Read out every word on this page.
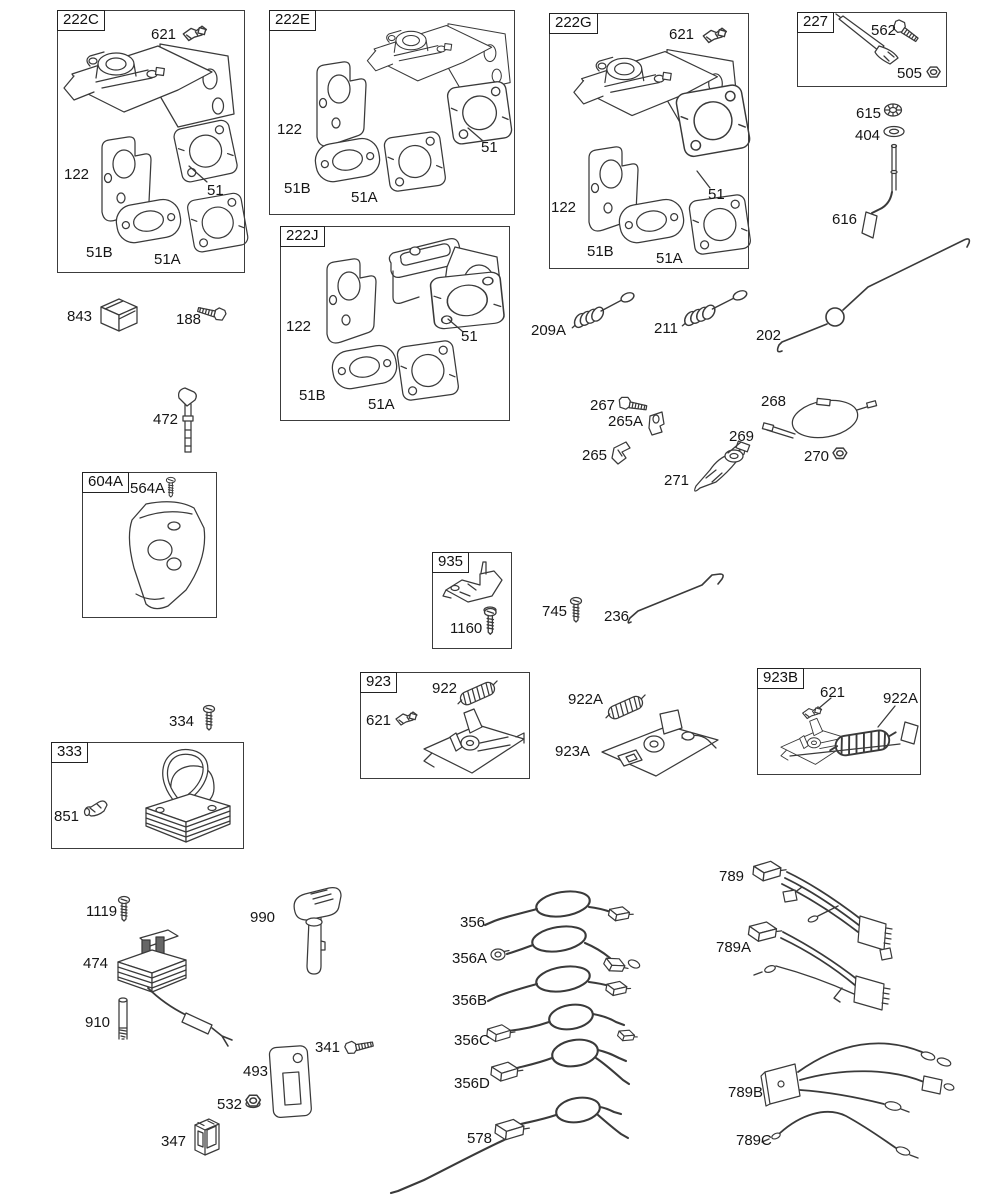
222C	222E	222G	227
222J
604A
935
923
333
923B
621
122
51
51B	51A
122
51
51B
51A
621
122
51
51B	51A
562
505
615
404
616
202
843	188
472
122
51
51B
51A
209A	211
267
265A
265
271
269
268
270
564A
1160
745 236
922
621
922A
923A
621	922A
334
851
1119	990
474
910
341
493
532
347
356
356A
356B
356C
356D
578
789
789A
789B
789C
